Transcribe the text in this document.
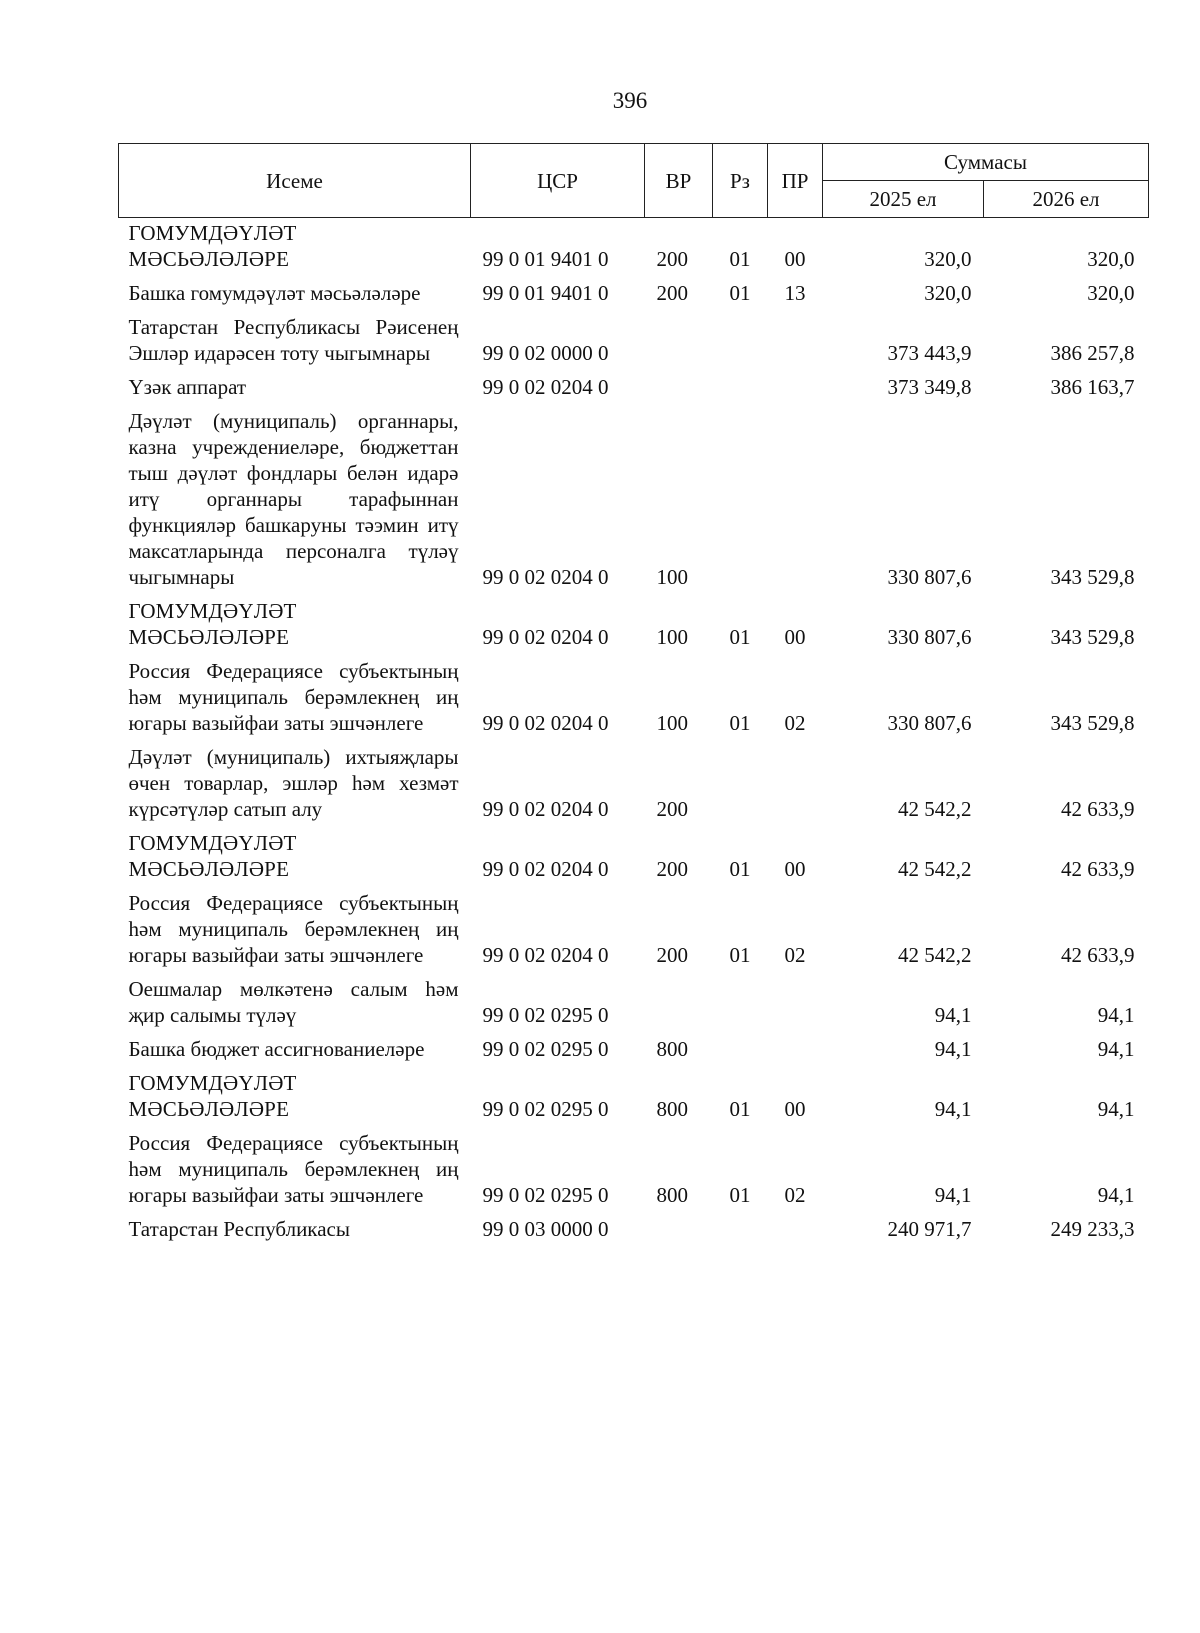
396
Исеме	ЦСР	ВР	Рз	ПР	Суммасы	
					2025 ел	2026 ел
ГОМУМДӘҮЛӘТ МӘСЬӘЛӘЛӘРЕ	99 0 01 9401 0	200	01	00	320,0	320,0
Башка гомумдәүләт мәсьәләләре	99 0 01 9401 0	200	01	13	320,0	320,0
Татарстан Республикасы Рәисенең Эшләр идарәсен тоту чыгымнары	99 0 02 0000 0				373 443,9	386 257,8
Үзәк аппарат	99 0 02 0204 0				373 349,8	386 163,7
Дәүләт (муниципаль) органнары, казна учреждениеләре, бюджеттан тыш дәүләт фондлары белән идарә итү органнары тарафыннан функцияләр башкаруны тәэмин итү максатларында персоналга түләү чыгымнары	99 0 02 0204 0	100			330 807,6	343 529,8
ГОМУМДӘҮЛӘТ МӘСЬӘЛӘЛӘРЕ	99 0 02 0204 0	100	01	00	330 807,6	343 529,8
Россия Федерациясе субъектының һәм муниципаль берәмлекнең иң югары вазыйфаи заты эшчәнлеге	99 0 02 0204 0	100	01	02	330 807,6	343 529,8
Дәүләт (муниципаль) ихтыяҗлары өчен товарлар, эшләр һәм хезмәт күрсәтүләр сатып алу	99 0 02 0204 0	200			42 542,2	42 633,9
ГОМУМДӘҮЛӘТ МӘСЬӘЛӘЛӘРЕ	99 0 02 0204 0	200	01	00	42 542,2	42 633,9
Россия Федерациясе субъектының һәм муниципаль берәмлекнең иң югары вазыйфаи заты эшчәнлеге	99 0 02 0204 0	200	01	02	42 542,2	42 633,9
Оешмалар мөлкәтенә салым һәм җир салымы түләү	99 0 02 0295 0				94,1	94,1
Башка бюджет ассигнованиеләре	99 0 02 0295 0	800			94,1	94,1
ГОМУМДӘҮЛӘТ МӘСЬӘЛӘЛӘРЕ	99 0 02 0295 0	800	01	00	94,1	94,1
Россия Федерациясе субъектының һәм муниципаль берәмлекнең иң югары вазыйфаи заты эшчәнлеге	99 0 02 0295 0	800	01	02	94,1	94,1
Татарстан Республикасы	99 0 03 0000 0				240 971,7	249 233,3
